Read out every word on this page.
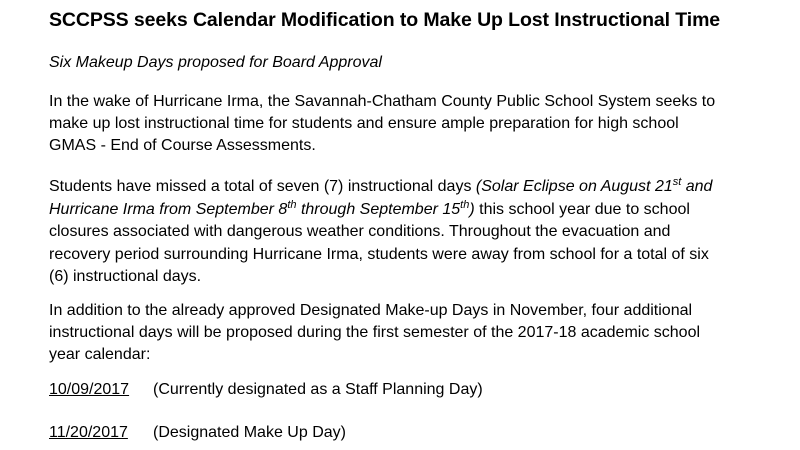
SCCPSS seeks Calendar Modification to Make Up Lost Instructional Time
Six Makeup Days proposed for Board Approval
In the wake of Hurricane Irma, the Savannah-Chatham County Public School System seeks to
make up lost instructional time for students and ensure ample preparation for high school
GMAS - End of Course Assessments.
Students have missed a total of seven (7) instructional days (Solar Eclipse on August 21st and
Hurricane Irma from September 8th through September 15th) this school year due to school
closures associated with dangerous weather conditions. Throughout the evacuation and
recovery period surrounding Hurricane Irma, students were away from school for a total of six
(6) instructional days.
In addition to the already approved Designated Make-up Days in November, four additional
instructional days will be proposed during the first semester of the 2017-18 academic school
year calendar:
10/09/2017 (Currently designated as a Staff Planning Day)
11/20/2017 (Designated Make Up Day)
